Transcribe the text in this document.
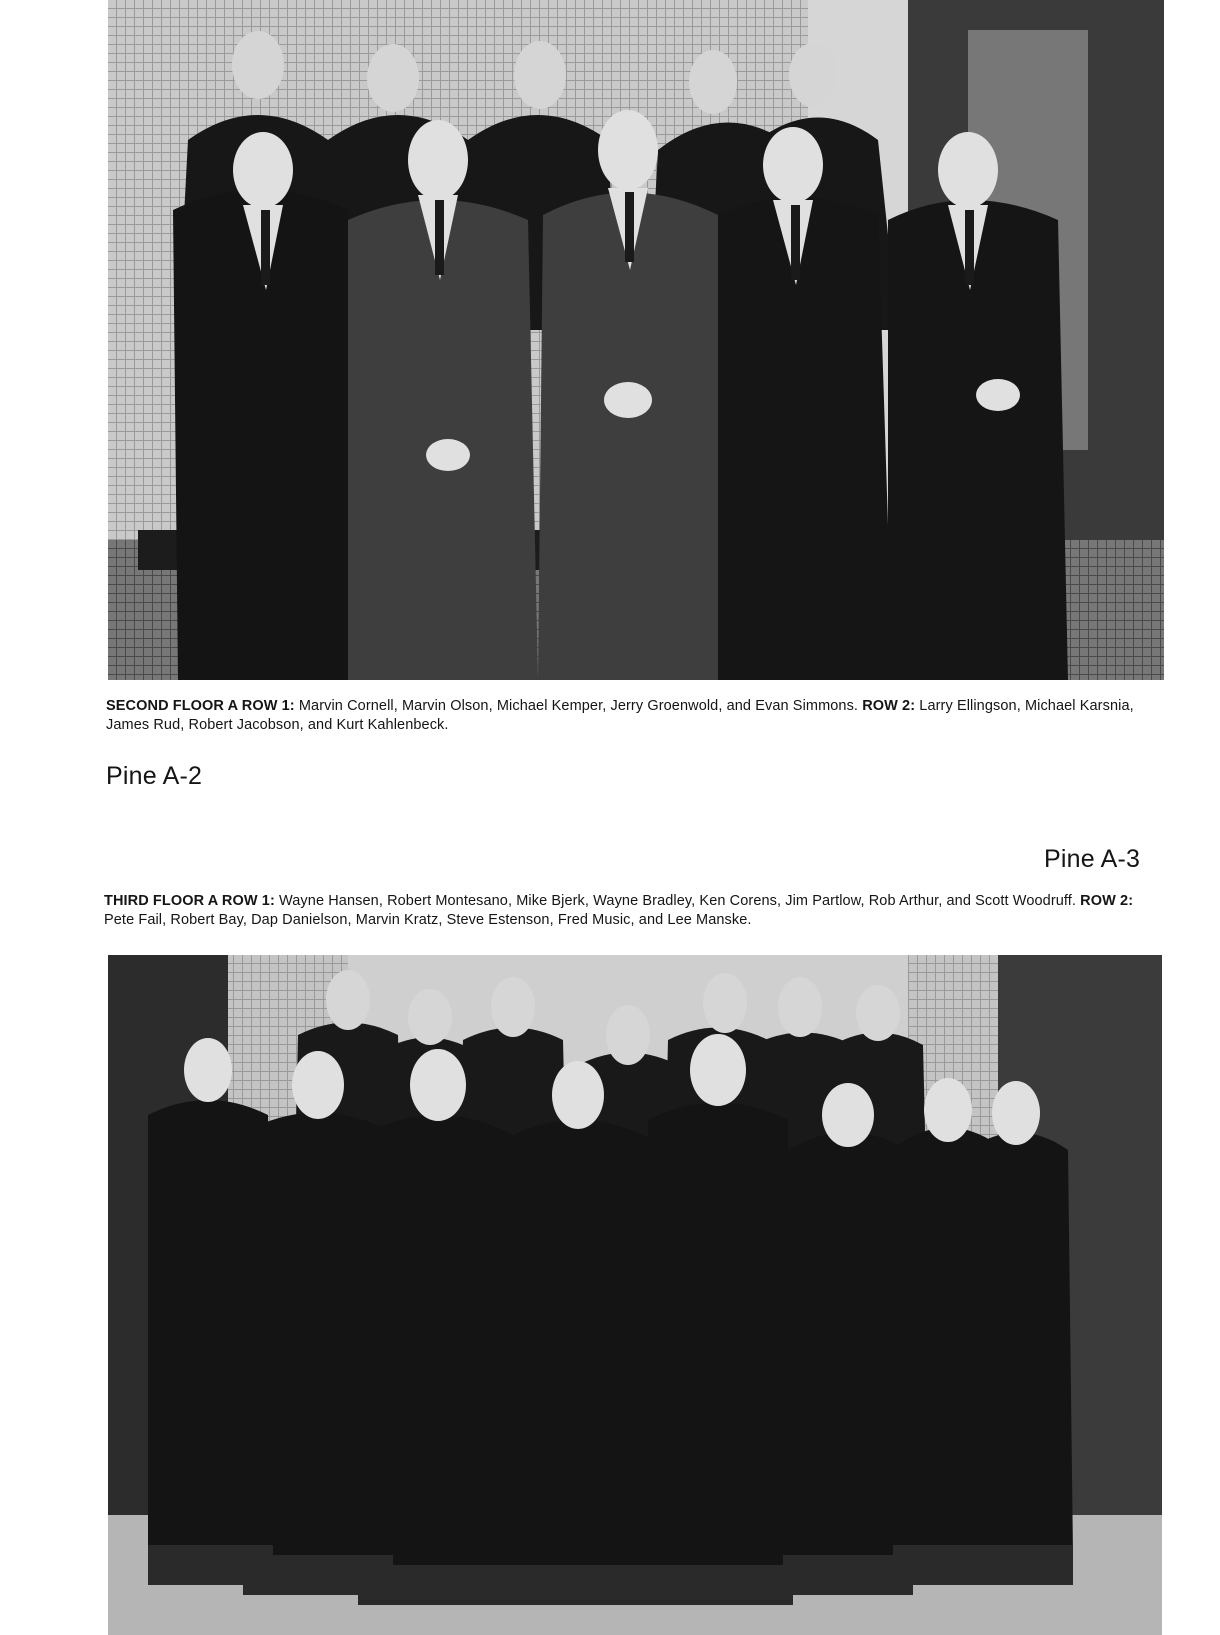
SECOND FLOOR A ROW 1: Marvin Cornell, Marvin Olson, Michael Kemper, Jerry Groenwold, and Evan Simmons. ROW 2: Larry Ellingson, Michael Karsnia, James Rud, Robert Jacobson, and Kurt Kahlenbeck.

Pine A-2
Pine A-3

THIRD FLOOR A ROW 1: Wayne Hansen, Robert Montesano, Mike Bjerk, Wayne Bradley, Ken Corens, Jim Partlow, Rob Arthur, and Scott Woodruff. ROW 2: Pete Fail, Robert Bay, Dap Danielson, Marvin Kratz, Steve Estenson, Fred Music, and Lee Manske.
